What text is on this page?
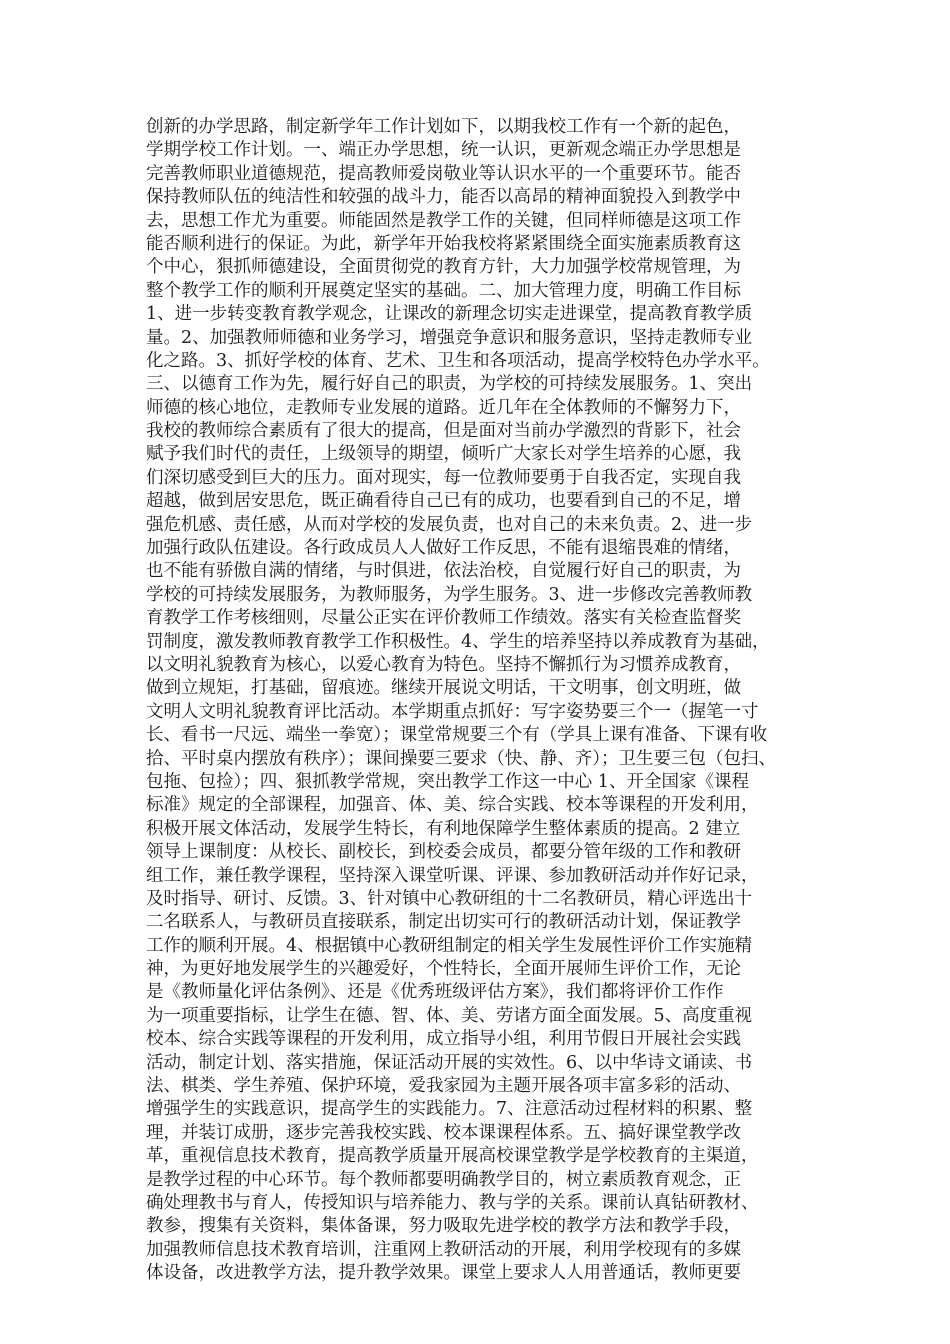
创新的办学思路，制定新学年工作计划如下，以期我校工作有一个新的起色，
学期学校工作计划。一、端正办学思想，统一认识，更新观念端正办学思想是
完善教师职业道德规范，提高教师爱岗敬业等认识水平的一个重要环节。能否
保持教师队伍的纯洁性和较强的战斗力，能否以高昂的精神面貌投入到教学中
去，思想工作尤为重要。师能固然是教学工作的关键，但同样师德是这项工作
能否顺利进行的保证。为此，新学年开始我校将紧紧围绕全面实施素质教育这
个中心，狠抓师德建设，全面贯彻党的教育方针，大力加强学校常规管理，为
整个教学工作的顺利开展奠定坚实的基础。二、加大管理力度，明确工作目标
1、进一步转变教育教学观念，让课改的新理念切实走进课堂，提高教育教学质
量。2、加强教师师德和业务学习，增强竞争意识和服务意识，坚持走教师专业
化之路。3、抓好学校的体育、艺术、卫生和各项活动，提高学校特色办学水平。
三、以德育工作为先，履行好自己的职责，为学校的可持续发展服务。1、突出
师德的核心地位，走教师专业发展的道路。近几年在全体教师的不懈努力下，
我校的教师综合素质有了很大的提高，但是面对当前办学激烈的背影下，社会
赋予我们时代的责任，上级领导的期望，倾听广大家长对学生培养的心愿，我
们深切感受到巨大的压力。面对现实，每一位教师要勇于自我否定，实现自我
超越，做到居安思危，既正确看待自己已有的成功，也要看到自己的不足，增
强危机感、责任感，从而对学校的发展负责，也对自己的未来负责。2、进一步
加强行政队伍建设。各行政成员人人做好工作反思，不能有退缩畏难的情绪，
也不能有骄傲自满的情绪，与时俱进，依法治校，自觉履行好自己的职责，为
学校的可持续发展服务，为教师服务，为学生服务。3、进一步修改完善教师教
育教学工作考核细则，尽量公正实在评价教师工作绩效。落实有关检查监督奖
罚制度，激发教师教育教学工作积极性。4、学生的培养坚持以养成教育为基础，
以文明礼貌教育为核心，以爱心教育为特色。坚持不懈抓行为习惯养成教育，
做到立规矩，打基础，留痕迹。继续开展说文明话，干文明事，创文明班，做
文明人文明礼貌教育评比活动。本学期重点抓好：写字姿势要三个一（握笔一寸
长、看书一尺远、端坐一拳宽）；课堂常规要三个有（学具上课有准备、下课有收
拾、平时桌内摆放有秩序）；课间操要三要求（快、静、齐）；卫生要三包（包扫、
包拖、包捡）；四、狠抓教学常规，突出教学工作这一中心 1、开全国家《课程
标准》规定的全部课程，加强音、体、美、综合实践、校本等课程的开发利用，
积极开展文体活动，发展学生特长，有利地保障学生整体素质的提高。2 建立
领导上课制度：从校长、副校长，到校委会成员，都要分管年级的工作和教研
组工作，兼任教学课程，坚持深入课堂听课、评课、参加教研活动并作好记录，
及时指导、研讨、反馈。3、针对镇中心教研组的十二名教研员，精心评选出十
二名联系人，与教研员直接联系，制定出切实可行的教研活动计划，保证教学
工作的顺利开展。4、根据镇中心教研组制定的相关学生发展性评价工作实施精
神，为更好地发展学生的兴趣爱好，个性特长，全面开展师生评价工作，无论
是《教师量化评估条例》、还是《优秀班级评估方案》，我们都将评价工作作
为一项重要指标，让学生在德、智、体、美、劳诸方面全面发展。5、高度重视
校本、综合实践等课程的开发利用，成立指导小组，利用节假日开展社会实践
活动，制定计划、落实措施，保证活动开展的实效性。6、以中华诗文诵读、书
法、棋类、学生养殖、保护环境，爱我家园为主题开展各项丰富多彩的活动、
增强学生的实践意识，提高学生的实践能力。7、注意活动过程材料的积累、整
理，并装订成册，逐步完善我校实践、校本课课程体系。五、搞好课堂教学改
革，重视信息技术教育，提高教学质量开展高校课堂教学是学校教育的主渠道，
是教学过程的中心环节。每个教师都要明确教学目的，树立素质教育观念，正
确处理教书与育人，传授知识与培养能力、教与学的关系。课前认真钻研教材、
教参，搜集有关资料，集体备课，努力吸取先进学校的教学方法和教学手段，
加强教师信息技术教育培训，注重网上教研活动的开展，利用学校现有的多媒
体设备，改进教学方法，提升教学效果。课堂上要求人人用普通话，教师更要
